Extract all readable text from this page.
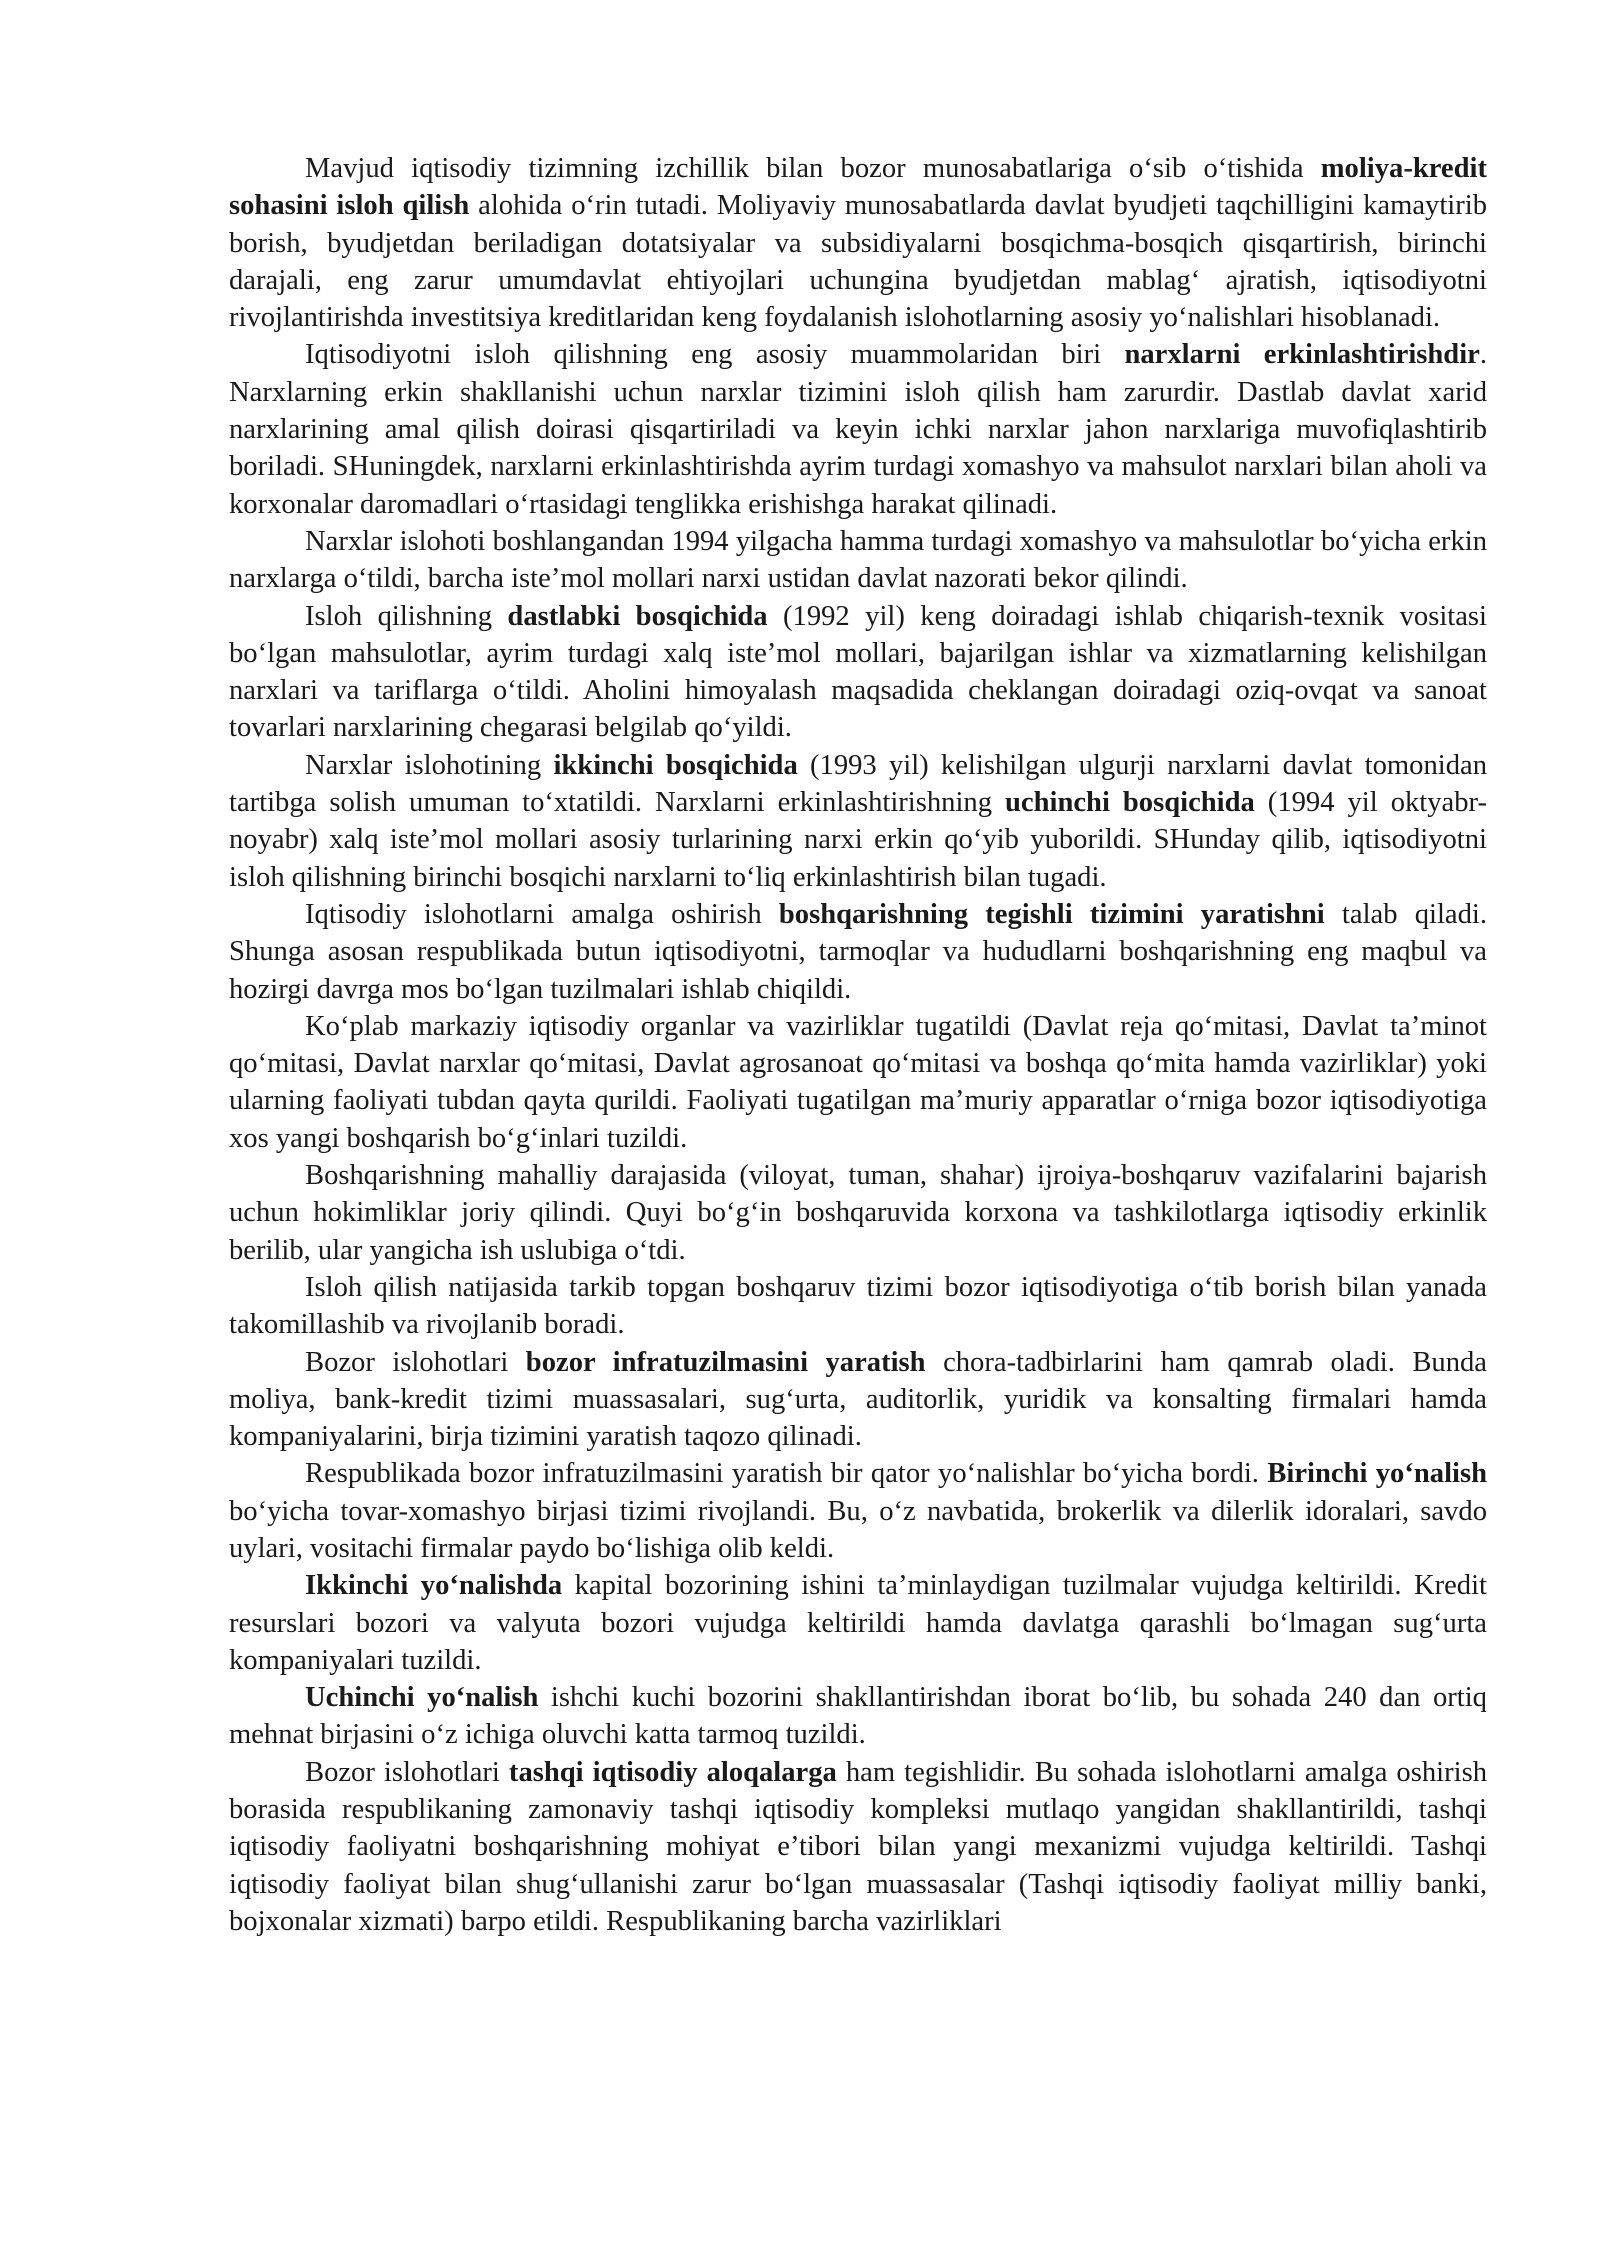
Mavjud iqtisodiy tizimning izchillik bilan bozor munosabatlariga o‘sib o‘tishida moliya-kredit sohasini isloh qilish alohida o‘rin tutadi. Moliyaviy munosabatlarda davlat byudjeti taqchilligini kamaytirib borish, byudjetdan beriladigan dotatsiyalar va subsidiyalarni bosqichma-bosqich qisqartirish, birinchi darajali, eng zarur umumdavlat ehtiyojlari uchungina byudjetdan mablag‘ ajratish, iqtisodiyotni rivojlantirishda investitsiya kreditlaridan keng foydalanish islohotlarning asosiy yo‘nalishlari hisoblanadi.

Iqtisodiyotni isloh qilishning eng asosiy muammolaridan biri narxlarni erkinlashtirishdir. Narxlarning erkin shakllanishi uchun narxlar tizimini isloh qilish ham zarurdir. Dastlab davlat xarid narxlarining amal qilish doirasi qisqartiriladi va keyin ichki narxlar jahon narxlariga muvofiqlashtirib boriladi. SHuningdek, narxlarni erkinlashtirishda ayrim turdagi xomashyo va mahsulot narxlari bilan aholi va korxonalar daromadlari o‘rtasidagi tenglikka erishishga harakat qilinadi.

Narxlar islohoti boshlangandan 1994 yilgacha hamma turdagi xomashyo va mahsulotlar bo‘yicha erkin narxlarga o‘tildi, barcha iste’mol mollari narxi ustidan davlat nazorati bekor qilindi.

Isloh qilishning dastlabki bosqichida (1992 yil) keng doiradagi ishlab chiqarish-texnik vositasi bo‘lgan mahsulotlar, ayrim turdagi xalq iste’mol mollari, bajarilgan ishlar va xizmatlarning kelishilgan narxlari va tariflarga o‘tildi. Aholini himoyalash maqsadida cheklangan doiradagi oziq-ovqat va sanoat tovarlari narxlarining chegarasi belgilab qo‘yildi.

Narxlar islohotining ikkinchi bosqichida (1993 yil) kelishilgan ulgurji narxlarni davlat tomonidan tartibga solish umuman to‘xtatildi. Narxlarni erkinlashtirishning uchinchi bosqichida (1994 yil oktyabr-noyabr) xalq iste’mol mollari asosiy turlarining narxi erkin qo‘yib yuborildi. SHunday qilib, iqtisodiyotni isloh qilishning birinchi bosqichi narxlarni to‘liq erkinlashtirish bilan tugadi.

Iqtisodiy islohotlarni amalga oshirish boshqarishning tegishli tizimini yaratishni talab qiladi. Shunga asosan respublikada butun iqtisodiyotni, tarmoqlar va hududlarni boshqarishning eng maqbul va hozirgi davrga mos bo‘lgan tuzilmalari ishlab chiqildi.

Ko‘plab markaziy iqtisodiy organlar va vazirliklar tugatildi (Davlat reja qo‘mitasi, Davlat ta’minot qo‘mitasi, Davlat narxlar qo‘mitasi, Davlat agrosanoat qo‘mitasi va boshqa qo‘mita hamda vazirliklar) yoki ularning faoliyati tubdan qayta qurildi. Faoliyati tugatilgan ma’muriy apparatlar o‘rniga bozor iqtisodiyotiga xos yangi boshqarish bo‘g‘inlari tuzildi.

Boshqarishning mahalliy darajasida (viloyat, tuman, shahar) ijroiya-boshqaruv vazifalarini bajarish uchun hokimliklar joriy qilindi. Quyi bo‘g‘in boshqaruvida korxona va tashkilotlarga iqtisodiy erkinlik berilib, ular yangicha ish uslubiga o‘tdi.

Isloh qilish natijasida tarkib topgan boshqaruv tizimi bozor iqtisodiyotiga o‘tib borish bilan yanada takomillashib va rivojlanib boradi.

Bozor islohotlari bozor infratuzilmasini yaratish chora-tadbirlarini ham qamrab oladi. Bunda moliya, bank-kredit tizimi muassasalari, sug‘urta, auditorlik, yuridik va konsalting firmalari hamda kompaniyalarini, birja tizimini yaratish taqozo qilinadi.

Respublikada bozor infratuzilmasini yaratish bir qator yo‘nalishlar bo‘yicha bordi. Birinchi yo‘nalish bo‘yicha tovar-xomashyo birjasi tizimi rivojlandi. Bu, o‘z navbatida, brokerlik va dilerlik idoralari, savdo uylari, vositachi firmalar paydo bo‘lishiga olib keldi.

Ikkinchi yo‘nalishda kapital bozorining ishini ta’minlaydigan tuzilmalar vujudga keltirildi. Kredit resurslari bozori va valyuta bozori vujudga keltirildi hamda davlatga qarashli bo‘lmagan sug‘urta kompaniyalari tuzildi.

Uchinchi yo‘nalish ishchi kuchi bozorini shakllantirishdan iborat bo‘lib, bu sohada 240 dan ortiq mehnat birjasini o‘z ichiga oluvchi katta tarmoq tuzildi.

Bozor islohotlari tashqi iqtisodiy aloqalarga ham tegishlidir. Bu sohada islohotlarni amalga oshirish borasida respublikaning zamonaviy tashqi iqtisodiy kompleksi mutlaqo yangidan shakllantirildi, tashqi iqtisodiy faoliyatni boshqarishning mohiyat e’tibori bilan yangi mexanizmi vujudga keltirildi. Tashqi iqtisodiy faoliyat bilan shug‘ullanishi zarur bo‘lgan muassasalar (Tashqi iqtisodiy faoliyat milliy banki, bojxonalar xizmati) barpo etildi. Respublikaning barcha vazirliklari
